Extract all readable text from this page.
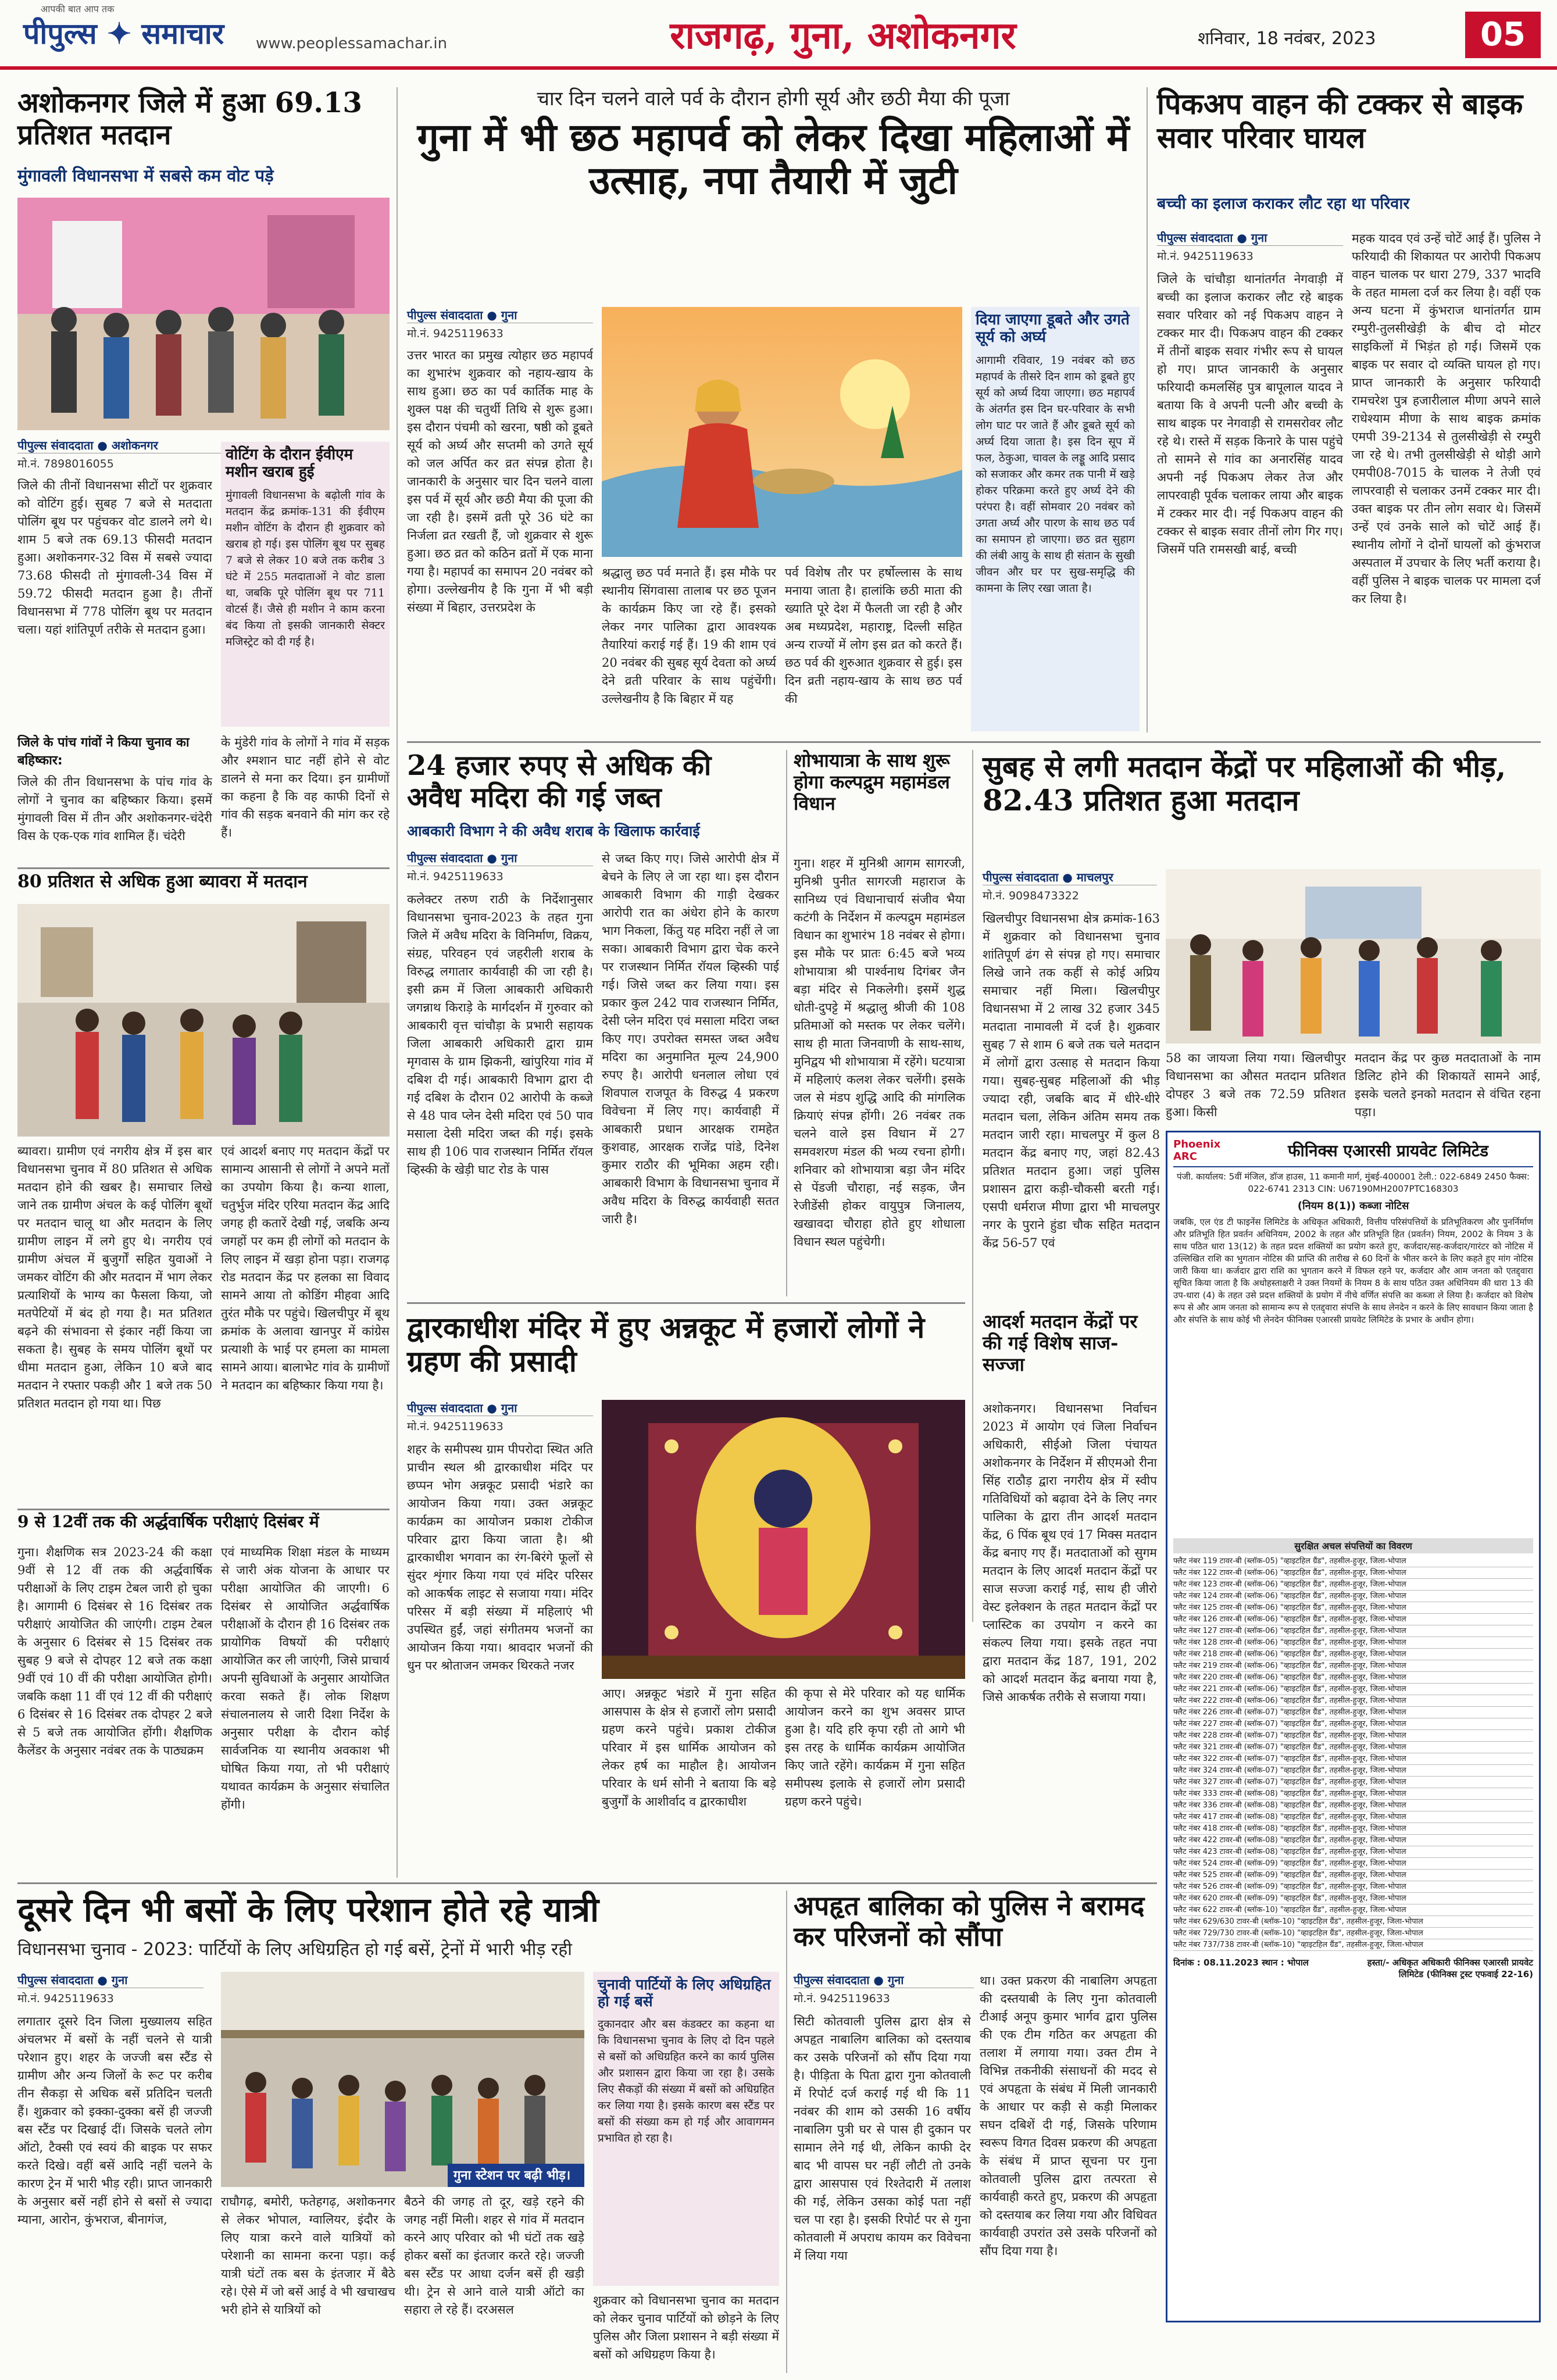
आपकी बात आप तक
पीपुल्स ✦ समाचार	www.peoplessamachar.in	राजगढ़, गुना, अशोकनगर	शनिवार, 18 नवंबर, 2023	05
अशोकनगर जिले में हुआ 69.13 प्रतिशत मतदान
मुंगावली विधानसभा में सबसे कम वोट पड़े
पीपुल्स संवाददाता ● अशोकनगर
मो.नं. 7898016055
जिले की तीनों विधानसभा सीटों पर शुक्रवार को वोटिंग हुई। सुबह 7 बजे से मतदाता पोलिंग बूथ पर पहुंचकर वोट डालने लगे थे। शाम 5 बजे तक 69.13 फीसदी मतदान हुआ। अशोकनगर-32 विस में सबसे ज्यादा 73.68 फीसदी तो मुंगावली-34 विस में 59.72 फीसदी मतदान हुआ है। तीनों विधानसभा में 778 पोलिंग बूथ पर मतदान चला। यहां शांतिपूर्ण तरीके से मतदान हुआ।
जिले के पांच गांवों ने किया चुनाव का बहिष्कार:
जिले की तीन विधानसभा के पांच गांव के लोगों ने चुनाव का बहिष्कार किया। इसमें मुंगावली विस में तीन और अशोकनगर-चंदेरी विस के एक-एक गांव शामिल हैं। चंदेरी
वोटिंग के दौरान ईवीएम मशीन खराब हुई
मुंगावली विधानसभा के बढ़ोली गांव के मतदान केंद्र क्रमांक-131 की ईवीएम मशीन वोटिंग के दौरान ही शुक्रवार को खराब हो गई। इस पोलिंग बूथ पर सुबह 7 बजे से लेकर 10 बजे तक करीब 3 घंटे में 255 मतदाताओं ने वोट डाला था, जबकि पूरे पोलिंग बूथ पर 711 वोटर्स हैं। जैसे ही मशीन ने काम करना बंद किया तो इसकी जानकारी सेक्टर मजिस्ट्रेट को दी गई है।
के मुंडेरी गांव के लोगों ने गांव में सड़क और श्मशान घाट नहीं होने से वोट डालने से मना कर दिया। इन ग्रामीणों का कहना है कि वह काफी दिनों से गांव की सड़क बनवाने की मांग कर रहे हैं।
80 प्रतिशत से अधिक हुआ ब्यावरा में मतदान
ब्यावरा। ग्रामीण एवं नगरीय क्षेत्र में इस बार विधानसभा चुनाव में 80 प्रतिशत से अधिक मतदान होने की खबर है। समाचार लिखे जाने तक ग्रामीण अंचल के कई पोलिंग बूथों पर मतदान चालू था और मतदान के लिए ग्रामीण लाइन में लगे हुए थे। नगरीय एवं ग्रामीण अंचल में बुजुर्गों सहित युवाओं ने जमकर वोटिंग की और मतदान में भाग लेकर प्रत्याशियों के भाग्य का फैसला किया, जो मतपेटियों में बंद हो गया है। मत प्रतिशत बढ़ने की संभावना से इंकार नहीं किया जा सकता है। सुबह के समय पोलिंग बूथों पर धीमा मतदान हुआ, लेकिन 10 बजे बाद मतदान ने रफ्तार पकड़ी और 1 बजे तक 50 प्रतिशत मतदान हो गया था। पिछ
एवं आदर्श बनाए गए मतदान केंद्रों पर सामान्य आसानी से लोगों ने अपने मतों का उपयोग किया है। कन्या शाला, चतुर्भुज मंदिर एरिया मतदान केंद्र आदि जगह ही कतारें देखी गई, जबकि अन्य जगहों पर कम ही लोगों को मतदान के लिए लाइन में खड़ा होना पड़ा। राजगढ़ रोड मतदान केंद्र पर हलका सा विवाद सामने आया तो कोडिंग मीहवा आदि तुरंत मौके पर पहुंचे। खिलचीपुर में बूथ क्रमांक के अलावा खानपुर में कांग्रेस प्रत्याशी के भाई पर हमला का मामला सामने आया। बालाभेट गांव के ग्रामीणों ने मतदान का बहिष्कार किया गया है।
9 से 12वीं तक की अर्द्धवार्षिक परीक्षाएं दिसंबर में
गुना। शैक्षणिक सत्र 2023-24 की कक्षा 9वीं से 12 वीं तक की अर्द्धवार्षिक परीक्षाओं के लिए टाइम टेबल जारी हो चुका है। आगामी 6 दिसंबर से 16 दिसंबर तक परीक्षाएं आयोजित की जाएंगी। टाइम टेबल के अनुसार 6 दिसंबर से 15 दिसंबर तक सुबह 9 बजे से दोपहर 12 बजे तक कक्षा 9वीं एवं 10 वीं की परीक्षा आयोजित होगी। जबकि कक्षा 11 वीं एवं 12 वीं की परीक्षाएं 6 दिसंबर से 16 दिसंबर तक दोपहर 2 बजे से 5 बजे तक आयोजित होंगी। शैक्षणिक कैलेंडर के अनुसार नवंबर तक के पाठ्यक्रम
एवं माध्यमिक शिक्षा मंडल के माध्यम से जारी अंक योजना के आधार पर परीक्षा आयोजित की जाएगी। 6 दिसंबर से आयोजित अर्द्धवार्षिक परीक्षाओं के दौरान ही 16 दिसंबर तक प्रायोगिक विषयों की परीक्षाएं आयोजित कर ली जाएंगी, जिसे प्राचार्य अपनी सुविधाओं के अनुसार आयोजित करवा सकते हैं। लोक शिक्षण संचालनालय से जारी दिशा निर्देश के अनुसार परीक्षा के दौरान कोई सार्वजनिक या स्थानीय अवकाश भी घोषित किया गया, तो भी परीक्षाएं यथावत कार्यक्रम के अनुसार संचालित होंगी।
चार दिन चलने वाले पर्व के दौरान होगी सूर्य और छठी मैया की पूजा
गुना में भी छठ महापर्व को लेकर दिखा महिलाओं में उत्साह, नपा तैयारी में जुटी
पीपुल्स संवाददाता ● गुना
मो.नं. 9425119633
उत्तर भारत का प्रमुख त्योहार छठ महापर्व का शुभारंभ शुक्रवार को नहाय-खाय के साथ हुआ। छठ का पर्व कार्तिक माह के शुक्ल पक्ष की चतुर्थी तिथि से शुरू हुआ। इस दौरान पंचमी को खरना, षष्ठी को डूबते सूर्य को अर्घ्य और सप्तमी को उगते सूर्य को जल अर्पित कर व्रत संपन्न होता है। जानकारी के अनुसार चार दिन चलने वाला इस पर्व में सूर्य और छठी मैया की पूजा की जा रही है। इसमें व्रती पूरे 36 घंटे का निर्जला व्रत रखती हैं, जो शुक्रवार से शुरू हुआ। छठ व्रत को कठिन व्रतों में एक माना गया है। महापर्व का समापन 20 नवंबर को होगा। उल्लेखनीय है कि गुना में भी बड़ी संख्या में बिहार, उत्तरप्रदेश के
श्रद्धालु छठ पर्व मनाते हैं। इस मौके पर स्थानीय सिंगवासा तालाब पर छठ पूजन के कार्यक्रम किए जा रहे हैं। इसको लेकर नगर पालिका द्वारा आवश्यक तैयारियां कराई गई हैं। 19 की शाम एवं 20 नवंबर की सुबह सूर्य देवता को अर्घ्य देने व्रती परिवार के साथ पहुंचेंगी। उल्लेखनीय है कि बिहार में यह
पर्व विशेष तौर पर हर्षोल्लास के साथ मनाया जाता है। हालांकि छठी माता की ख्याति पूरे देश में फैलती जा रही है और अब मध्यप्रदेश, महाराष्ट्र, दिल्ली सहित अन्य राज्यों में लोग इस व्रत को करते हैं। छठ पर्व की शुरुआत शुक्रवार से हुई। इस दिन व्रती नहाय-खाय के साथ छठ पर्व की
दिया जाएगा डूबते और उगते सूर्य को अर्घ्य
आगामी रविवार, 19 नवंबर को छठ महापर्व के तीसरे दिन शाम को डूबते हुए सूर्य को अर्घ्य दिया जाएगा। छठ महापर्व के अंतर्गत इस दिन घर-परिवार के सभी लोग घाट पर जाते हैं और डूबते सूर्य को अर्घ्य दिया जाता है। इस दिन सूप में फल, ठेकुआ, चावल के लड्डू आदि प्रसाद को सजाकर और कमर तक पानी में खड़े होकर परिक्रमा करते हुए अर्घ्य देने की परंपरा है। वहीं सोमवार 20 नवंबर को उगता अर्घ्य और पारण के साथ छठ पर्व का समापन हो जाएगा। छठ व्रत सुहाग की लंबी आयु के साथ ही संतान के सुखी जीवन और घर पर सुख-समृद्धि की कामना के लिए रखा जाता है।
पिकअप वाहन की टक्कर से बाइक सवार परिवार घायल
बच्ची का इलाज कराकर लौट रहा था परिवार
पीपुल्स संवाददाता ● गुना
मो.नं. 9425119633
जिले के चांचौड़ा थानांतर्गत नेगवाड़ी में बच्ची का इलाज कराकर लौट रहे बाइक सवार परिवार को नई पिकअप वाहन ने टक्कर मार दी। पिकअप वाहन की टक्कर में तीनों बाइक सवार गंभीर रूप से घायल हो गए। प्राप्त जानकारी के अनुसार फरियादी कमलसिंह पुत्र बापूलाल यादव ने बताया कि वे अपनी पत्नी और बच्ची के साथ बाइक पर नेगवाड़ी से रामसरोवर लौट रहे थे। रास्ते में सड़क किनारे के पास पहुंचे तो सामने से गांव का अनारसिंह यादव अपनी नई पिकअप लेकर तेज और लापरवाही पूर्वक चलाकर लाया और बाइक में टक्कर मार दी। नई पिकअप वाहन की टक्कर से बाइक सवार तीनों लोग गिर गए। जिसमें पति रामसखी बाई, बच्ची
महक यादव एवं उन्हें चोटें आई हैं। पुलिस ने फरियादी की शिकायत पर आरोपी पिकअप वाहन चालक पर धारा 279, 337 भादवि के तहत मामला दर्ज कर लिया है। वहीं एक अन्य घटना में कुंभराज थानांतर्गत ग्राम रम्पुरी-तुलसीखेड़ी के बीच दो मोटर साइकिलों में भिड़ंत हो गई। जिसमें एक बाइक पर सवार दो व्यक्ति घायल हो गए। प्राप्त जानकारी के अनुसार फरियादी रामचरेश पुत्र हजारीलाल मीणा अपने साले राधेश्याम मीणा के साथ बाइक क्रमांक एमपी 39-2134 से तुलसीखेड़ी से रम्पुरी जा रहे थे। तभी तुलसीखेड़ी से थोड़ी आगे एमपी08-7015 के चालक ने तेजी एवं लापरवाही से चलाकर उनमें टक्कर मार दी। उक्त बाइक पर तीन लोग सवार थे। जिसमें उन्हें एवं उनके साले को चोटें आई हैं। स्थानीय लोगों ने दोनों घायलों को कुंभराज अस्पताल में उपचार के लिए भर्ती कराया है। वहीं पुलिस ने बाइक चालक पर मामला दर्ज कर लिया है।
24 हजार रुपए से अधिक की अवैध मदिरा की गई जब्त
आबकारी विभाग ने की अवैध शराब के खिलाफ कार्रवाई
पीपुल्स संवाददाता ● गुना
मो.नं. 9425119633
कलेक्टर तरुण राठी के निर्देशानुसार विधानसभा चुनाव-2023 के तहत गुना जिले में अवैध मदिरा के विनिर्माण, विक्रय, संग्रह, परिवहन एवं जहरीली शराब के विरुद्ध लगातार कार्यवाही की जा रही है। इसी क्रम में जिला आबकारी अधिकारी जगन्नाथ किराड़े के मार्गदर्शन में गुरुवार को आबकारी वृत्त चांचौड़ा के प्रभारी सहायक जिला आबकारी अधिकारी द्वारा ग्राम मृगवास के ग्राम झिकनी, खांपुरिया गांव में दबिश दी गई। आबकारी विभाग द्वारा दी गई दबिश के दौरान 02 आरोपी के कब्जे से 48 पाव प्लेन देसी मदिरा एवं 50 पाव मसाला देसी मदिरा जब्त की गई। इसके साथ ही 106 पाव राजस्थान निर्मित रॉयल व्हिस्की के खेड़ी घाट रोड के पास
से जब्त किए गए। जिसे आरोपी क्षेत्र में बेचने के लिए ले जा रहा था। इस दौरान आबकारी विभाग की गाड़ी देखकर आरोपी रात का अंधेरा होने के कारण भाग निकला, किंतु यह मदिरा नहीं ले जा सका। आबकारी विभाग द्वारा चेक करने पर राजस्थान निर्मित रॉयल व्हिस्की पाई गई। जिसे जब्त कर लिया गया। इस प्रकार कुल 242 पाव राजस्थान निर्मित, देसी प्लेन मदिरा एवं मसाला मदिरा जब्त किए गए। उपरोक्त समस्त जब्त अवैध मदिरा का अनुमानित मूल्य 24,900 रुपए है। आरोपी धनलाल लोधा एवं शिवपाल राजपूत के विरुद्ध 4 प्रकरण विवेचना में लिए गए। कार्यवाही में आबकारी प्रधान आरक्षक रामहेत कुशवाह, आरक्षक राजेंद्र पांडे, दिनेश कुमार राठौर की भूमिका अहम रही। आबकारी विभाग के विधानसभा चुनाव में अवैध मदिरा के विरुद्ध कार्यवाही सतत जारी है।
शोभायात्रा के साथ शुरू होगा कल्पद्रुम महामंडल विधान
गुना। शहर में मुनिश्री आगम सागरजी, मुनिश्री पुनीत सागरजी महाराज के सानिध्य एवं विधानाचार्य संजीव भैया कटंगी के निर्देशन में कल्पद्रुम महामंडल विधान का शुभारंभ 18 नवंबर से होगा। इस मौके पर प्रातः 6:45 बजे भव्य शोभायात्रा श्री पार्श्वनाथ दिगंबर जैन बड़ा मंदिर से निकलेगी। इसमें शुद्ध धोती-दुपट्टे में श्रद्धालु श्रीजी की 108 प्रतिमाओं को मस्तक पर लेकर चलेंगे। साथ ही माता जिनवाणी के साथ-साथ, मुनिद्वय भी शोभायात्रा में रहेंगे। घटयात्रा में महिलाएं कलश लेकर चलेंगी। इसके जल से मंडप शुद्धि आदि की मांगलिक क्रियाएं संपन्न होंगी। 26 नवंबर तक चलने वाले इस विधान में 27 समवशरण मंडल की भव्य रचना होगी। शनिवार को शोभायात्रा बड़ा जैन मंदिर से पेंडजी चौराहा, नई सड़क, जैन रेजीडेंसी होकर वायुपुत्र जिनालय, खखावदा चौराहा होते हुए शोधाला विधान स्थल पहुंचेगी।
सुबह से लगी मतदान केंद्रों पर महिलाओं की भीड़, 82.43 प्रतिशत हुआ मतदान
पीपुल्स संवाददाता ● माचलपुर
मो.नं. 9098473322
खिलचीपुर विधानसभा क्षेत्र क्रमांक-163 में शुक्रवार को विधानसभा चुनाव शांतिपूर्ण ढंग से संपन्न हो गए। समाचार लिखे जाने तक कहीं से कोई अप्रिय समाचार नहीं मिला। खिलचीपुर विधानसभा में 2 लाख 32 हजार 345 मतदाता नामावली में दर्ज है। शुक्रवार सुबह 7 से शाम 6 बजे तक चले मतदान में लोगों द्वारा उत्साह से मतदान किया गया। सुबह-सुबह महिलाओं की भीड़ ज्यादा रही, जबकि बाद में धीरे-धीरे मतदान चला, लेकिन अंतिम समय तक मतदान जारी रहा। माचलपुर में कुल 8 मतदान केंद्र बनाए गए, जहां 82.43 प्रतिशत मतदान हुआ। जहां पुलिस प्रशासन द्वारा कड़ी-चौकसी बरती गई। एसपी धर्मराज मीणा द्वारा भी माचलपुर नगर के पुराने हुंडा चौक सहित मतदान केंद्र 56-57 एवं
58 का जायजा लिया गया। खिलचीपुर विधानसभा का औसत मतदान प्रतिशत दोपहर 3 बजे तक 72.59 प्रतिशत हुआ। किसी
मतदान केंद्र पर कुछ मतदाताओं के नाम डिलिट होने की शिकायतें सामने आई, इसके चलते इनको मतदान से वंचित रहना पड़ा।
Phoenix ARC	फीनिक्स एआरसी प्रायवेट लिमिटेड
पंजी. कार्यालय: 5वीं मंजिल, डॉज हाउस, 11 कमानी मार्ग, मुंबई-400001 टेली.: 022-6849 2450 फैक्स: 022-6741 2313 CIN: U67190MH2007PTC168303
(नियम 8(1)) कब्जा नोटिस
जबकि, एल एंड टी फाइनेंस लिमिटेड के अधिकृत अधिकारी, वित्तीय परिसंपत्तियों के प्रतिभूतिकरण और पुनर्निर्माण और प्रतिभूति हित प्रवर्तन अधिनियम, 2002 के तहत और प्रतिभूति हित (प्रवर्तन) नियम, 2002 के नियम 3 के साथ पठित धारा 13(12) के तहत प्रदत्त शक्तियों का प्रयोग करते हुए, कर्जदार/सह-कर्जदार/गारंटर को नोटिस में उल्लिखित राशि का भुगतान नोटिस की प्राप्ति की तारीख से 60 दिनों के भीतर करने के लिए कहते हुए मांग नोटिस जारी किया था। कर्जदार द्वारा राशि का भुगतान करने में विफल रहने पर, कर्जदार और आम जनता को एतद्द्वारा सूचित किया जाता है कि अधोहस्ताक्षरी ने उक्त नियमों के नियम 8 के साथ पठित उक्त अधिनियम की धारा 13 की उप-धारा (4) के तहत उसे प्रदत्त शक्तियों के प्रयोग में नीचे वर्णित संपत्ति का कब्जा ले लिया है। कर्जदार को विशेष रूप से और आम जनता को सामान्य रूप से एतद्द्वारा संपत्ति के साथ लेनदेन न करने के लिए सावधान किया जाता है और संपत्ति के साथ कोई भी लेनदेन फीनिक्स एआरसी प्रायवेट लिमिटेड के प्रभार के अधीन होगा।
सुरक्षित अचल संपत्तियों का विवरण
फ्लैट नंबर 119 टावर-बी (ब्लॉक-05) "व्हाइटहिल ग्रैंड", तहसील-हुजूर, जिला-भोपाल
फ्लैट नंबर 122 टावर-बी (ब्लॉक-06) "व्हाइटहिल ग्रैंड", तहसील-हुजूर, जिला-भोपाल
फ्लैट नंबर 123 टावर-बी (ब्लॉक-06) "व्हाइटहिल ग्रैंड", तहसील-हुजूर, जिला-भोपाल
फ्लैट नंबर 124 टावर-बी (ब्लॉक-06) "व्हाइटहिल ग्रैंड", तहसील-हुजूर, जिला-भोपाल
फ्लैट नंबर 125 टावर-बी (ब्लॉक-06) "व्हाइटहिल ग्रैंड", तहसील-हुजूर, जिला-भोपाल
फ्लैट नंबर 126 टावर-बी (ब्लॉक-06) "व्हाइटहिल ग्रैंड", तहसील-हुजूर, जिला-भोपाल
फ्लैट नंबर 127 टावर-बी (ब्लॉक-06) "व्हाइटहिल ग्रैंड", तहसील-हुजूर, जिला-भोपाल
फ्लैट नंबर 128 टावर-बी (ब्लॉक-06) "व्हाइटहिल ग्रैंड", तहसील-हुजूर, जिला-भोपाल
फ्लैट नंबर 218 टावर-बी (ब्लॉक-06) "व्हाइटहिल ग्रैंड", तहसील-हुजूर, जिला-भोपाल
फ्लैट नंबर 219 टावर-बी (ब्लॉक-06) "व्हाइटहिल ग्रैंड", तहसील-हुजूर, जिला-भोपाल
फ्लैट नंबर 220 टावर-बी (ब्लॉक-06) "व्हाइटहिल ग्रैंड", तहसील-हुजूर, जिला-भोपाल
फ्लैट नंबर 221 टावर-बी (ब्लॉक-06) "व्हाइटहिल ग्रैंड", तहसील-हुजूर, जिला-भोपाल
फ्लैट नंबर 222 टावर-बी (ब्लॉक-06) "व्हाइटहिल ग्रैंड", तहसील-हुजूर, जिला-भोपाल
फ्लैट नंबर 226 टावर-बी (ब्लॉक-07) "व्हाइटहिल ग्रैंड", तहसील-हुजूर, जिला-भोपाल
फ्लैट नंबर 227 टावर-बी (ब्लॉक-07) "व्हाइटहिल ग्रैंड", तहसील-हुजूर, जिला-भोपाल
फ्लैट नंबर 228 टावर-बी (ब्लॉक-07) "व्हाइटहिल ग्रैंड", तहसील-हुजूर, जिला-भोपाल
फ्लैट नंबर 321 टावर-बी (ब्लॉक-07) "व्हाइटहिल ग्रैंड", तहसील-हुजूर, जिला-भोपाल
फ्लैट नंबर 322 टावर-बी (ब्लॉक-07) "व्हाइटहिल ग्रैंड", तहसील-हुजूर, जिला-भोपाल
फ्लैट नंबर 324 टावर-बी (ब्लॉक-07) "व्हाइटहिल ग्रैंड", तहसील-हुजूर, जिला-भोपाल
फ्लैट नंबर 327 टावर-बी (ब्लॉक-07) "व्हाइटहिल ग्रैंड", तहसील-हुजूर, जिला-भोपाल
फ्लैट नंबर 333 टावर-बी (ब्लॉक-08) "व्हाइटहिल ग्रैंड", तहसील-हुजूर, जिला-भोपाल
फ्लैट नंबर 336 टावर-बी (ब्लॉक-08) "व्हाइटहिल ग्रैंड", तहसील-हुजूर, जिला-भोपाल
फ्लैट नंबर 417 टावर-बी (ब्लॉक-08) "व्हाइटहिल ग्रैंड", तहसील-हुजूर, जिला-भोपाल
फ्लैट नंबर 418 टावर-बी (ब्लॉक-08) "व्हाइटहिल ग्रैंड", तहसील-हुजूर, जिला-भोपाल
फ्लैट नंबर 422 टावर-बी (ब्लॉक-08) "व्हाइटहिल ग्रैंड", तहसील-हुजूर, जिला-भोपाल
फ्लैट नंबर 423 टावर-बी (ब्लॉक-08) "व्हाइटहिल ग्रैंड", तहसील-हुजूर, जिला-भोपाल
फ्लैट नंबर 524 टावर-बी (ब्लॉक-09) "व्हाइटहिल ग्रैंड", तहसील-हुजूर, जिला-भोपाल
फ्लैट नंबर 525 टावर-बी (ब्लॉक-09) "व्हाइटहिल ग्रैंड", तहसील-हुजूर, जिला-भोपाल
फ्लैट नंबर 526 टावर-बी (ब्लॉक-09) "व्हाइटहिल ग्रैंड", तहसील-हुजूर, जिला-भोपाल
फ्लैट नंबर 620 टावर-बी (ब्लॉक-09) "व्हाइटहिल ग्रैंड", तहसील-हुजूर, जिला-भोपाल
फ्लैट नंबर 622 टावर-बी (ब्लॉक-10) "व्हाइटहिल ग्रैंड", तहसील-हुजूर, जिला-भोपाल
फ्लैट नंबर 629/630 टावर-बी (ब्लॉक-10) "व्हाइटहिल ग्रैंड", तहसील-हुजूर, जिला-भोपाल
फ्लैट नंबर 729/730 टावर-बी (ब्लॉक-10) "व्हाइटहिल ग्रैंड", तहसील-हुजूर, जिला-भोपाल
फ्लैट नंबर 737/738 टावर-बी (ब्लॉक-10) "व्हाइटहिल ग्रैंड", तहसील-हुजूर, जिला-भोपाल
दिनांक : 08.11.2023 स्थान : भोपाल	हस्ता/- अधिकृत अधिकारी फीनिक्स एआरसी प्रायवेट लिमिटेड (फीनिक्स ट्रस्ट एफवाई 22-16)
द्वारकाधीश मंदिर में हुए अन्नकूट में हजारों लोगों ने ग्रहण की प्रसादी
पीपुल्स संवाददाता ● गुना
मो.नं. 9425119633
शहर के समीपस्थ ग्राम पीपरोदा स्थित अति प्राचीन स्थल श्री द्वारकाधीश मंदिर पर छप्पन भोग अन्नकूट प्रसादी भंडारे का आयोजन किया गया। उक्त अन्नकूट कार्यक्रम का आयोजन प्रकाश टोकीज परिवार द्वारा किया जाता है। श्री द्वारकाधीश भगवान का रंग-बिरंगे फूलों से सुंदर शृंगार किया गया एवं मंदिर परिसर को आकर्षक लाइट से सजाया गया। मंदिर परिसर में बड़ी संख्या में महिलाएं भी उपस्थित हुईं, जहां संगीतमय भजनों का आयोजन किया गया। श्रावदार भजनों की धुन पर श्रोताजन जमकर थिरकते नजर
आए। अन्नकूट भंडारे में गुना सहित आसपास के क्षेत्र से हजारों लोग प्रसादी ग्रहण करने पहुंचे। प्रकाश टोकीज परिवार में इस धार्मिक आयोजन को लेकर हर्ष का माहौल है। आयोजन परिवार के धर्म सोनी ने बताया कि बड़े बुजुर्गों के आशीर्वाद व द्वारकाधीश
की कृपा से मेरे परिवार को यह धार्मिक आयोजन करने का शुभ अवसर प्राप्त हुआ है। यदि हरि कृपा रही तो आगे भी इस तरह के धार्मिक कार्यक्रम आयोजित किए जाते रहेंगे। कार्यक्रम में गुना सहित समीपस्थ इलाके से हजारों लोग प्रसादी ग्रहण करने पहुंचे।
आदर्श मतदान केंद्रों पर की गई विशेष साज-सज्जा
अशोकनगर। विधानसभा निर्वाचन 2023 में आयोग एवं जिला निर्वाचन अधिकारी, सीईओ जिला पंचायत अशोकनगर के निर्देशन में सीएमओ रीना सिंह राठौड़ द्वारा नगरीय क्षेत्र में स्वीप गतिविधियों को बढ़ावा देने के लिए नगर पालिका के द्वारा तीन आदर्श मतदान केंद्र, 6 पिंक बूथ एवं 17 मिक्स मतदान केंद्र बनाए गए हैं। मतदाताओं को सुगम मतदान के लिए आदर्श मतदान केंद्रों पर साज सज्जा कराई गई, साथ ही जीरो वेस्ट इलेक्शन के तहत मतदान केंद्रों पर प्लास्टिक का उपयोग न करने का संकल्प लिया गया। इसके तहत नपा द्वारा मतदान केंद्र 187, 191, 202 को आदर्श मतदान केंद्र बनाया गया है, जिसे आकर्षक तरीके से सजाया गया।
दूसरे दिन भी बसों के लिए परेशान होते रहे यात्री
विधानसभा चुनाव - 2023: पार्टियों के लिए अधिग्रहित हो गई बसें, ट्रेनों में भारी भीड़ रही
पीपुल्स संवाददाता ● गुना
मो.नं. 9425119633
लगातार दूसरे दिन जिला मुख्यालय सहित अंचलभर में बसों के नहीं चलने से यात्री परेशान हुए। शहर के जज्जी बस स्टैंड से ग्रामीण और अन्य जिलों के रूट पर करीब तीन सैकड़ा से अधिक बसें प्रतिदिन चलती हैं। शुक्रवार को इक्का-दुक्का बसें ही जज्जी बस स्टैंड पर दिखाई दीं। जिसके चलते लोग ऑटो, टैक्सी एवं स्वयं की बाइक पर सफर करते दिखे। वहीं बसें आदि नहीं चलने के कारण ट्रेन में भारी भीड़ रही। प्राप्त जानकारी के अनुसार बसें नहीं होने से बसों से ज्यादा म्याना, आरोन, कुंभराज, बीनागंज,
गुना स्टेशन पर बढ़ी भीड़।
राघौगढ़, बमोरी, फतेहगढ़, अशोकनगर से लेकर भोपाल, ग्वालियर, इंदौर के लिए यात्रा करने वाले यात्रियों को परेशानी का सामना करना पड़ा। कई यात्री घंटों तक बस के इंतजार में बैठे रहे। ऐसे में जो बसें आई वे भी खचाखच भरी होने से यात्रियों को
बैठने की जगह तो दूर, खड़े रहने की जगह नहीं मिली। शहर से गांव में मतदान करने आए परिवार को भी घंटों तक खड़े होकर बसों का इंतजार करते रहे। जज्जी बस स्टैंड पर आधा दर्जन बसें ही खड़ी थी। ट्रेन से आने वाले यात्री ऑटो का सहारा ले रहे हैं। दरअसल
चुनावी पार्टियों के लिए अधिग्रहित हो गई बसें
दुकानदार और बस कंडक्टर का कहना था कि विधानसभा चुनाव के लिए दो दिन पहले से बसों को अधिग्रहित करने का कार्य पुलिस और प्रशासन द्वारा किया जा रहा है। उसके लिए सैकड़ों की संख्या में बसों को अधिग्रहित कर लिया गया है। इसके कारण बस स्टैंड पर बसों की संख्या कम हो गई और आवागमन प्रभावित हो रहा है।
शुक्रवार को विधानसभा चुनाव का मतदान को लेकर चुनाव पार्टियों को छोड़ने के लिए पुलिस और जिला प्रशासन ने बड़ी संख्या में बसों को अधिग्रहण किया है।
अपहृत बालिका को पुलिस ने बरामद कर परिजनों को सौंपा
पीपुल्स संवाददाता ● गुना
मो.नं. 9425119633
सिटी कोतवाली पुलिस द्वारा क्षेत्र से अपहृत नाबालिग बालिका को दस्तयाब कर उसके परिजनों को सौंप दिया गया है। पीड़िता के पिता द्वारा गुना कोतवाली में रिपोर्ट दर्ज कराई गई थी कि 11 नवंबर की शाम को उसकी 16 वर्षीय नाबालिग पुत्री घर से पास ही दुकान पर सामान लेने गई थी, लेकिन काफी देर बाद भी वापस घर नहीं लौटी तो उनके द्वारा आसपास एवं रिश्तेदारी में तलाश की गई, लेकिन उसका कोई पता नहीं चल पा रहा है। इसकी रिपोर्ट पर से गुना कोतवाली में अपराध कायम कर विवेचना में लिया गया
था। उक्त प्रकरण की नाबालिग अपहृता की दस्तयाबी के लिए गुना कोतवाली टीआई अनूप कुमार भार्गव द्वारा पुलिस की एक टीम गठित कर अपहृता की तलाश में लगाया गया। उक्त टीम ने विभिन्न तकनीकी संसाधनों की मदद से एवं अपहृता के संबंध में मिली जानकारी के आधार पर कड़ी से कड़ी मिलाकर सघन दबिशें दी गई, जिसके परिणाम स्वरूप विगत दिवस प्रकरण की अपहृता के संबंध में प्राप्त सूचना पर गुना कोतवाली पुलिस द्वारा तत्परता से कार्यवाही करते हुए, प्रकरण की अपहृता को दस्तयाब कर लिया गया और विधिवत कार्यवाही उपरांत उसे उसके परिजनों को सौंप दिया गया है।
